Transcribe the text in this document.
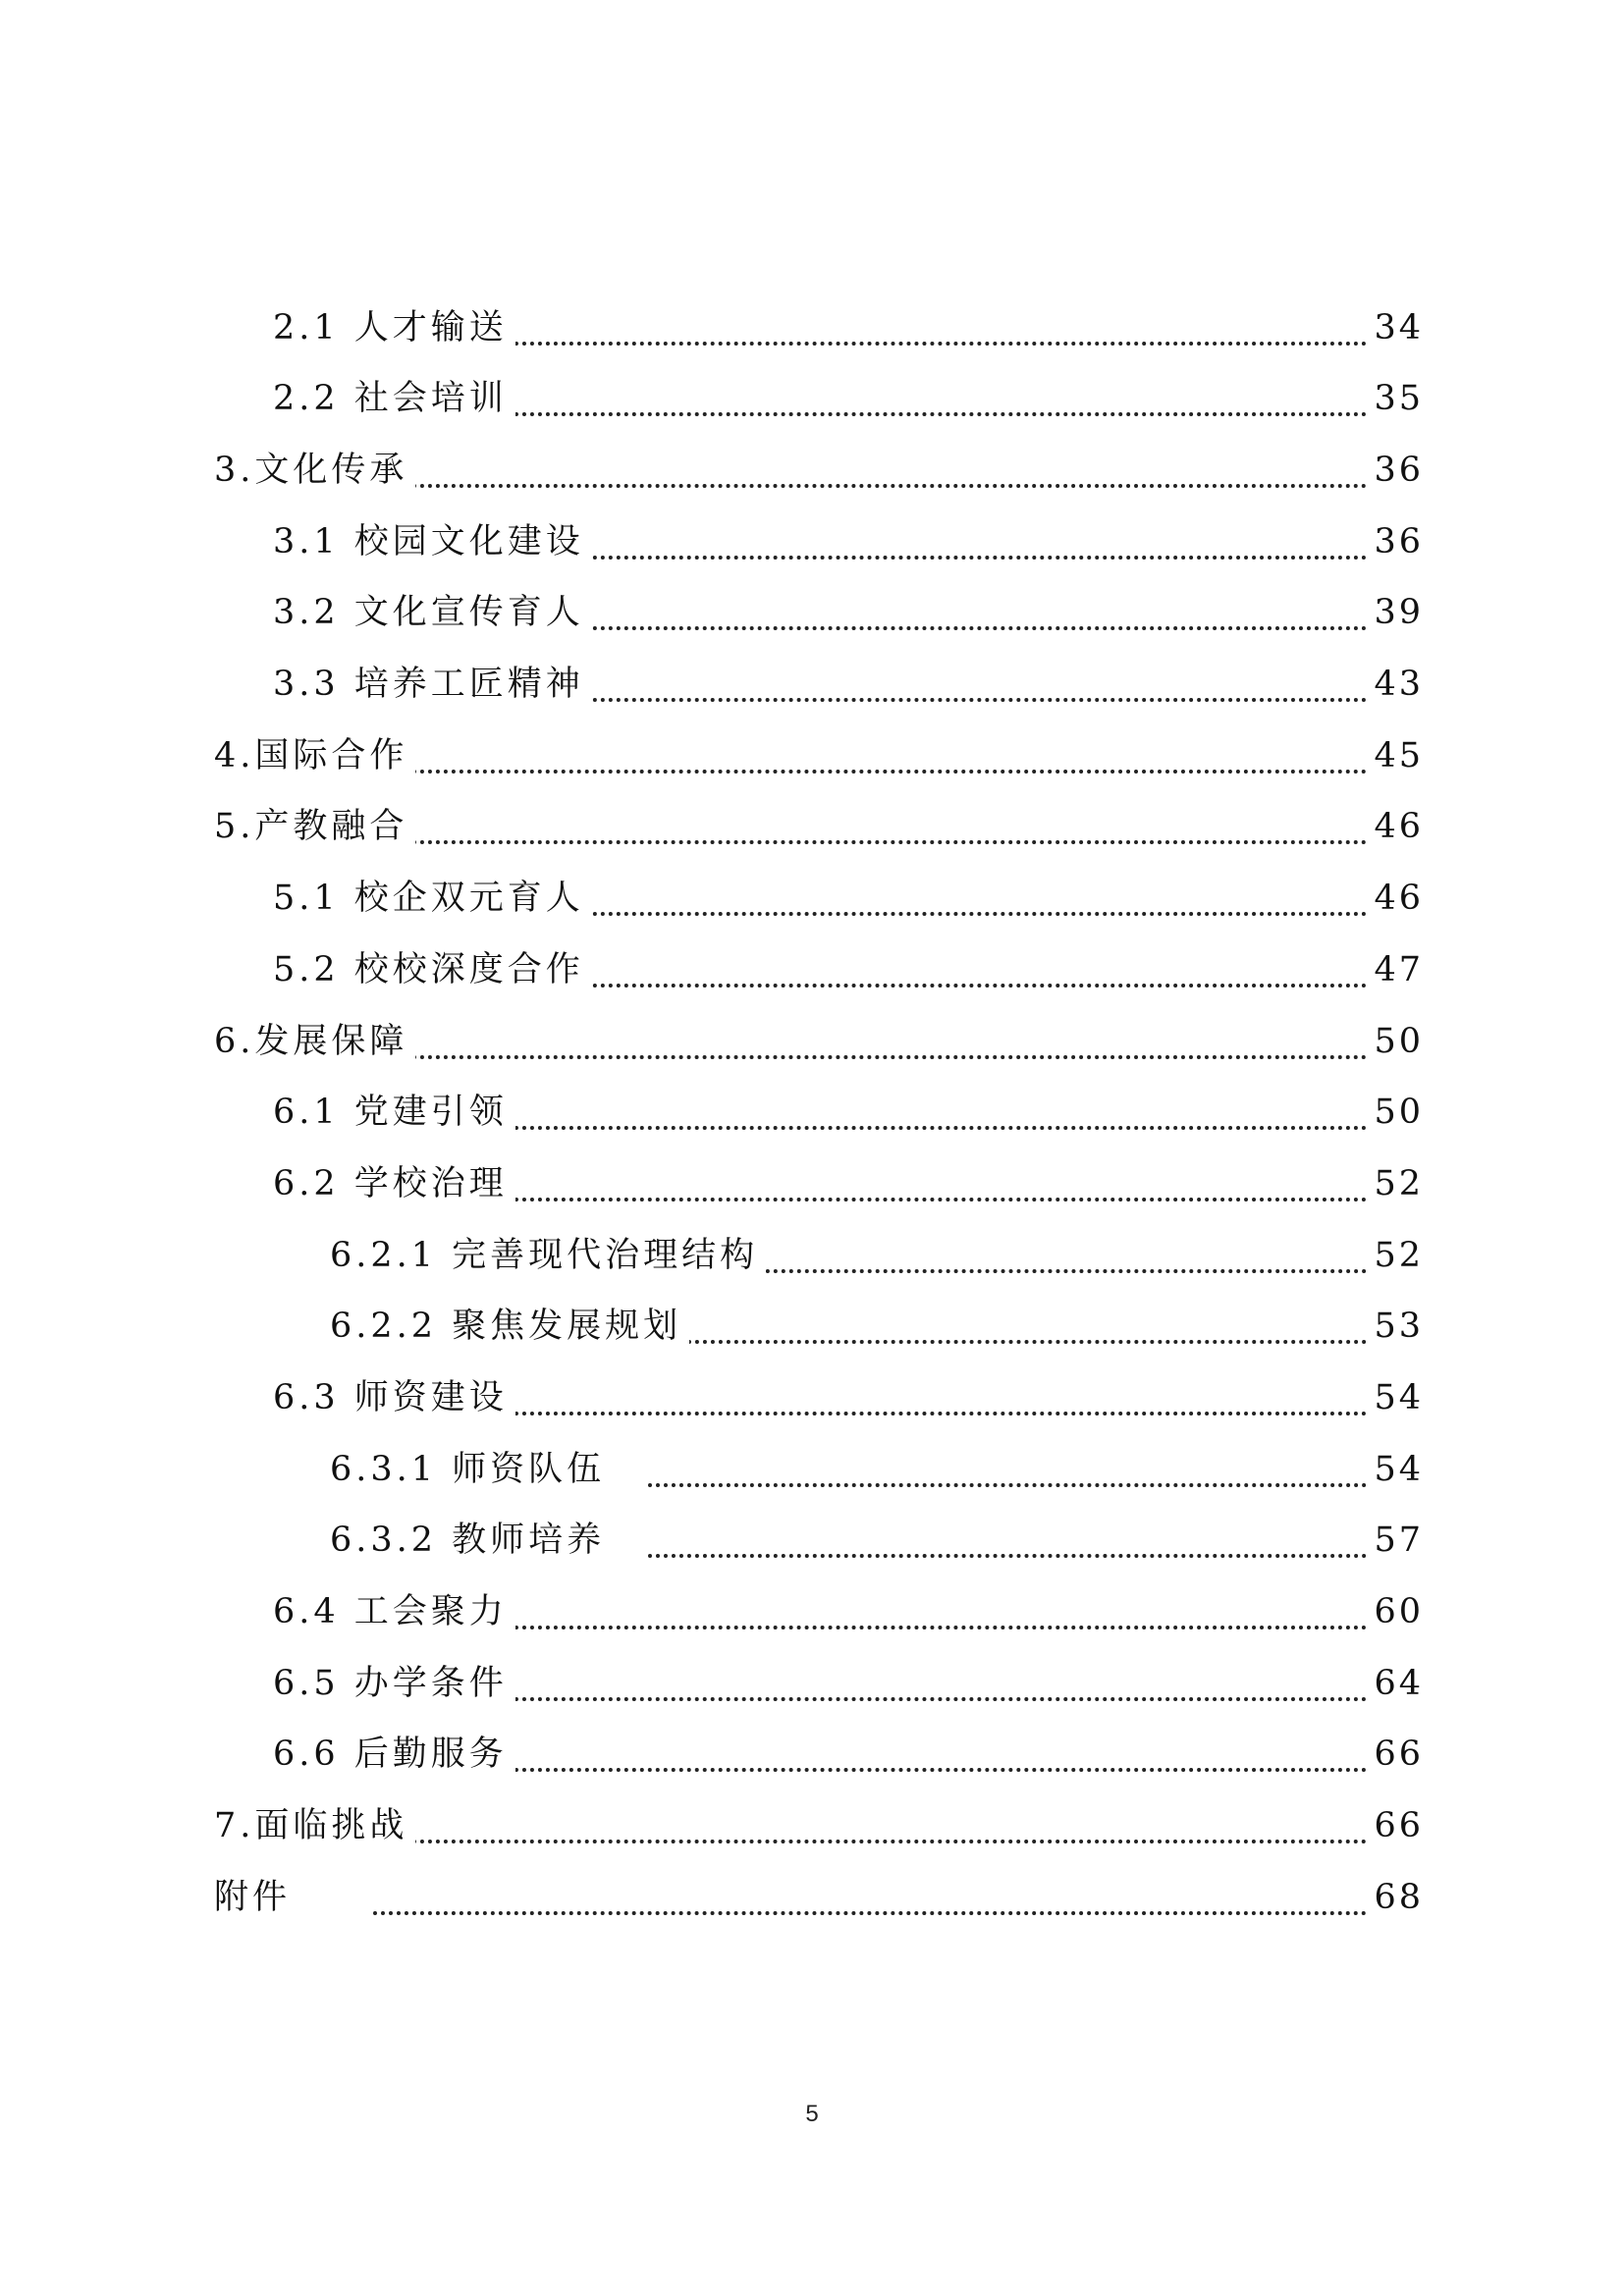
2.1 人才输送	34
2.2 社会培训	35
3.文化传承	36
3.1 校园文化建设	36
3.2 文化宣传育人	39
3.3 培养工匠精神	43
4.国际合作	45
5.产教融合	46
5.1 校企双元育人	46
5.2 校校深度合作	47
6.发展保障	50
6.1 党建引领	50
6.2 学校治理	52
6.2.1 完善现代治理结构	52
6.2.2 聚焦发展规划	53
6.3 师资建设	54
6.3.1 师资队伍	54
6.3.2 教师培养	57
6.4 工会聚力	60
6.5 办学条件	64
6.6 后勤服务	66
7.面临挑战	66
附件	68
5
